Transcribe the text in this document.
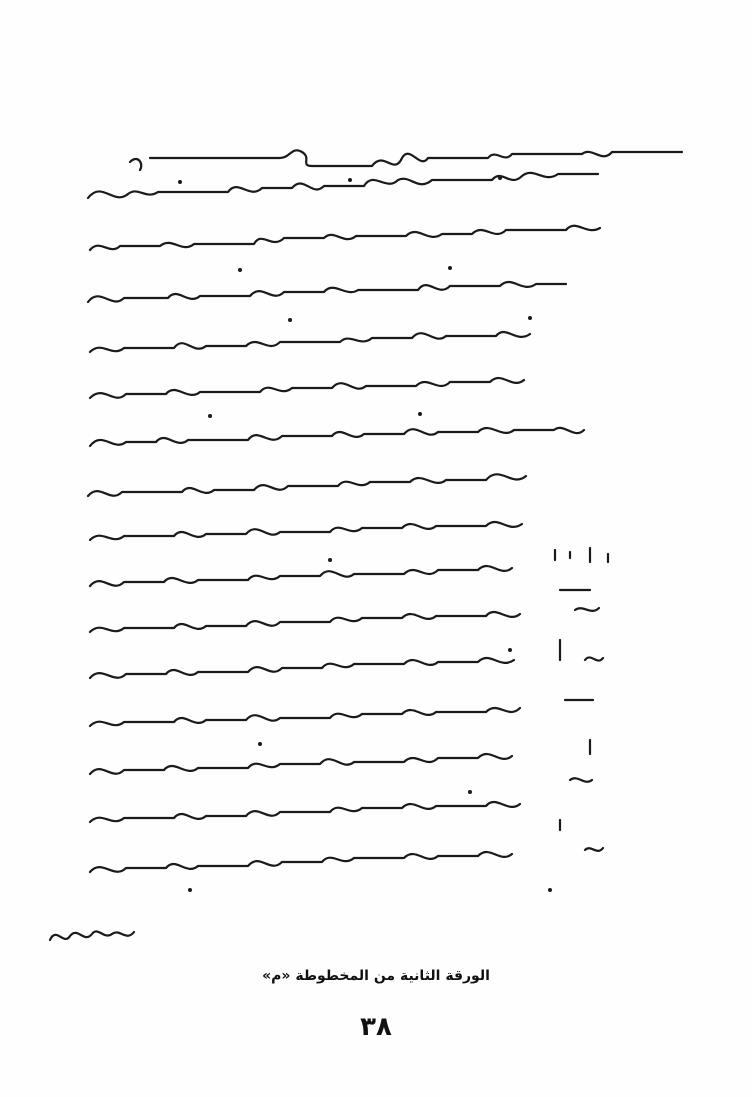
الورقة الثانية من المخطوطة «م»
٣٨
